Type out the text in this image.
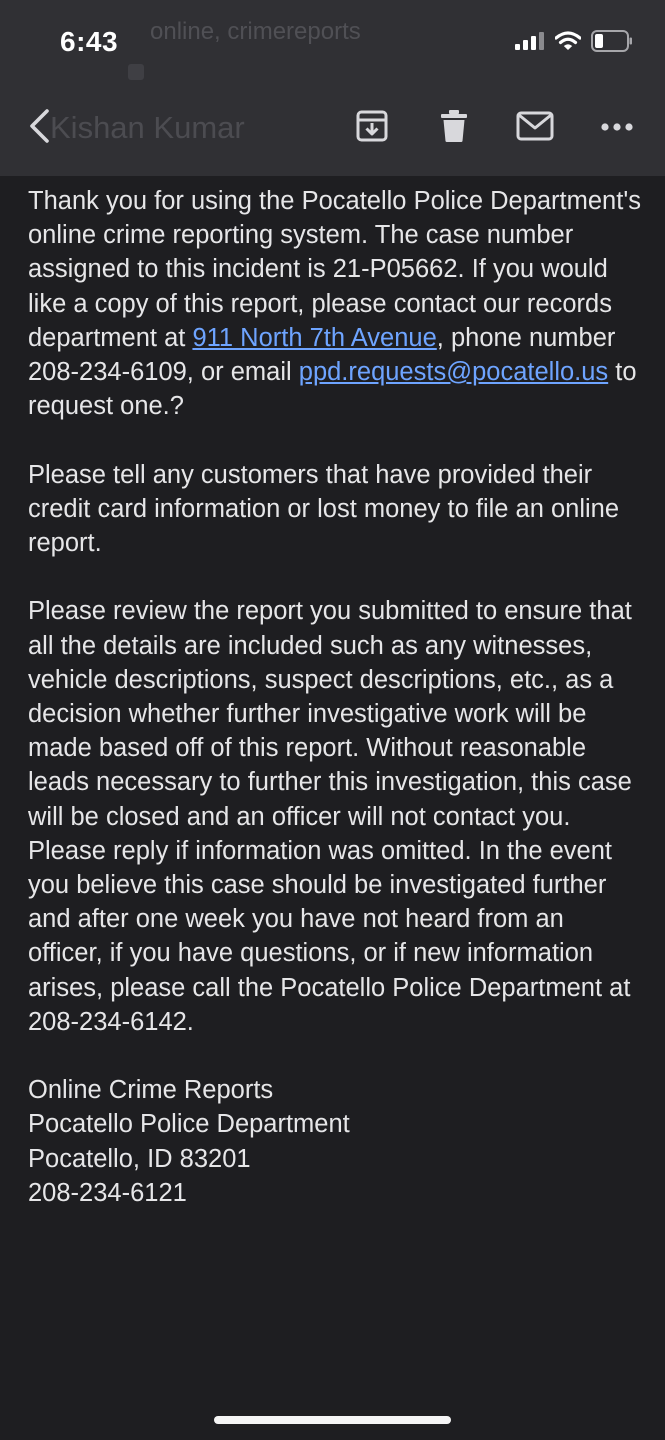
online, crimereports
Kishan Kumar
6:43

Thank you for using the Pocatello Police Department's online crime reporting system. The case number assigned to this incident is 21-P05662. If you would like a copy of this report, please contact our records department at 911 North 7th Avenue, phone number 208-234-6109, or email ppd.requests@pocatello.us to request one.?

Please tell any customers that have provided their credit card information or lost money to file an online report.

Please review the report you submitted to ensure that all the details are included such as any witnesses, vehicle descriptions, suspect descriptions, etc., as a decision whether further investigative work will be made based off of this report. Without reasonable leads necessary to further this investigation, this case will be closed and an officer will not contact you. Please reply if information was omitted. In the event you believe this case should be investigated further and after one week you have not heard from an officer, if you have questions, or if new information arises, please call the Pocatello Police Department at 208-234-6142.

Online Crime Reports
Pocatello Police Department
Pocatello, ID 83201
208-234-6121
